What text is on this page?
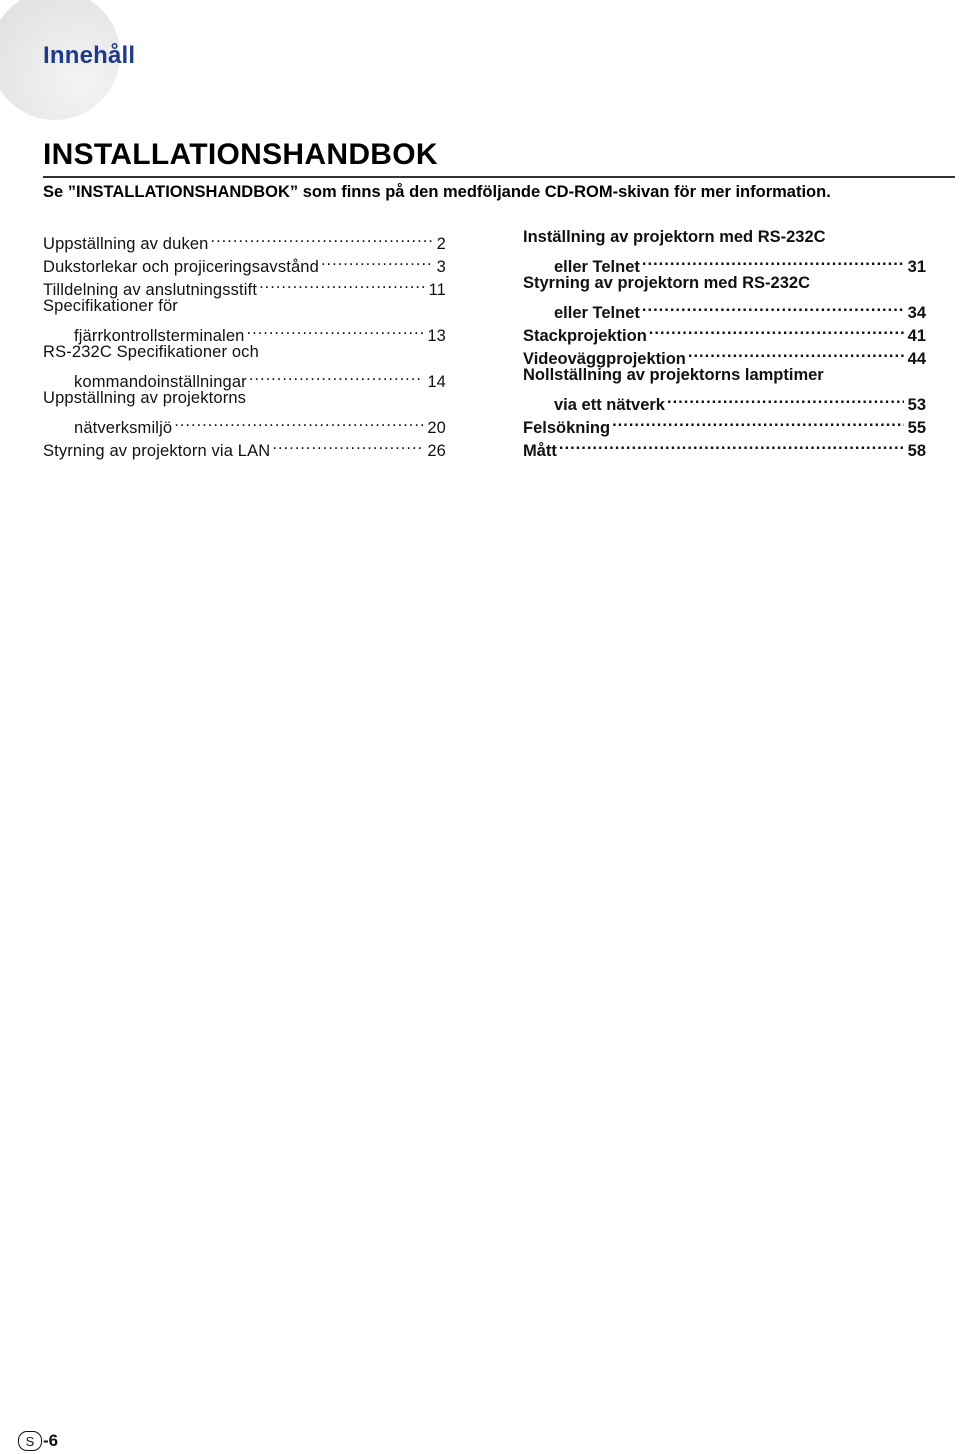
Innehåll
INSTALLATIONSHANDBOK
Se ”INSTALLATIONSHANDBOK” som finns på den medföljande CD-ROM-skivan för mer information.
Uppställning av duken .....	2
Dukstorlekar och projiceringsavstånd .....	3
Tilldelning av anslutningsstift .....	11
Specifikationer för
fjärrkontrollsterminalen .....	13
RS-232C Specifikationer och
kommandoinställningar .....	14
Uppställning av projektorns
nätverksmiljö .....	20
Styrning av projektorn via LAN .....	26
Inställning av projektorn med RS-232C
eller Telnet .....	31
Styrning av projektorn med RS-232C
eller Telnet .....	34
Stackprojektion .....	41
Videoväggprojektion .....	44
Nollställning av projektorns lamptimer
via ett nätverk .....	53
Felsökning .....	55
Mått .....	58
S -6
